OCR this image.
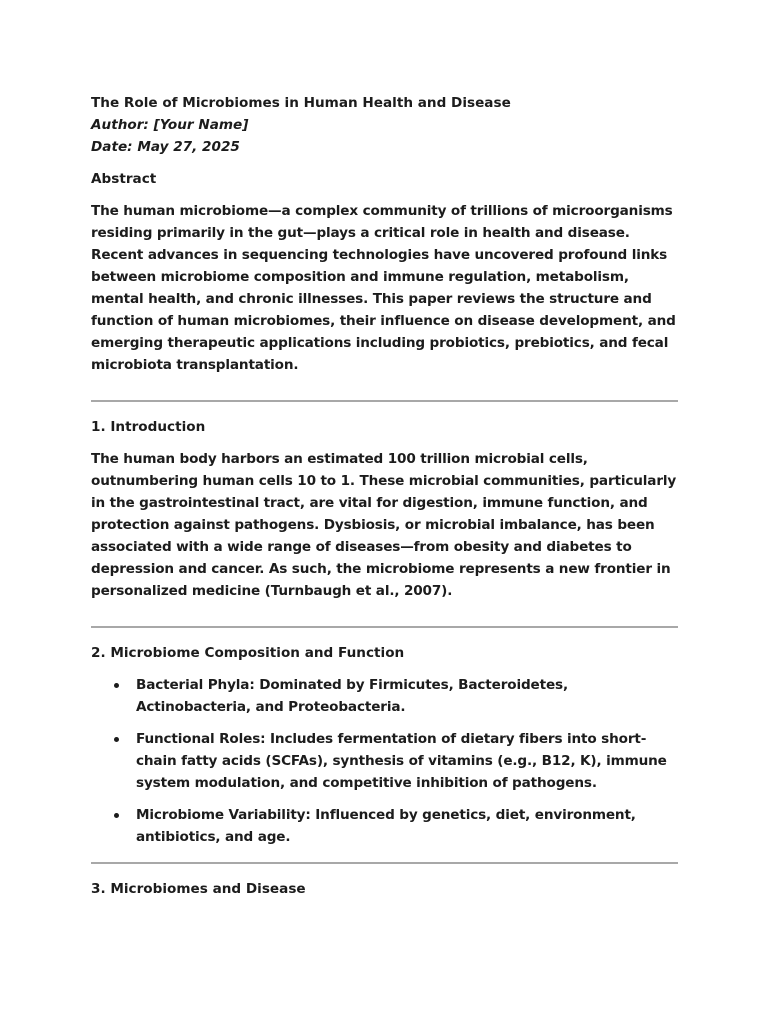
The Role of Microbiomes in Human Health and Disease

Author: [Your Name]

Date: May 27, 2025

Abstract

The human microbiome—a complex community of trillions of microorganisms residing primarily in the gut—plays a critical role in health and disease. Recent advances in sequencing technologies have uncovered profound links between microbiome composition and immune regulation, metabolism, mental health, and chronic illnesses. This paper reviews the structure and function of human microbiomes, their influence on disease development, and emerging therapeutic applications including probiotics, prebiotics, and fecal microbiota transplantation.

1. Introduction

The human body harbors an estimated 100 trillion microbial cells, outnumbering human cells 10 to 1. These microbial communities, particularly in the gastrointestinal tract, are vital for digestion, immune function, and protection against pathogens. Dysbiosis, or microbial imbalance, has been associated with a wide range of diseases—from obesity and diabetes to depression and cancer. As such, the microbiome represents a new frontier in personalized medicine (Turnbaugh et al., 2007).

2. Microbiome Composition and Function

Bacterial Phyla: Dominated by Firmicutes, Bacteroidetes, Actinobacteria, and Proteobacteria.
Functional Roles: Includes fermentation of dietary fibers into short-chain fatty acids (SCFAs), synthesis of vitamins (e.g., B12, K), immune system modulation, and competitive inhibition of pathogens.
Microbiome Variability: Influenced by genetics, diet, environment, antibiotics, and age.

3. Microbiomes and Disease
